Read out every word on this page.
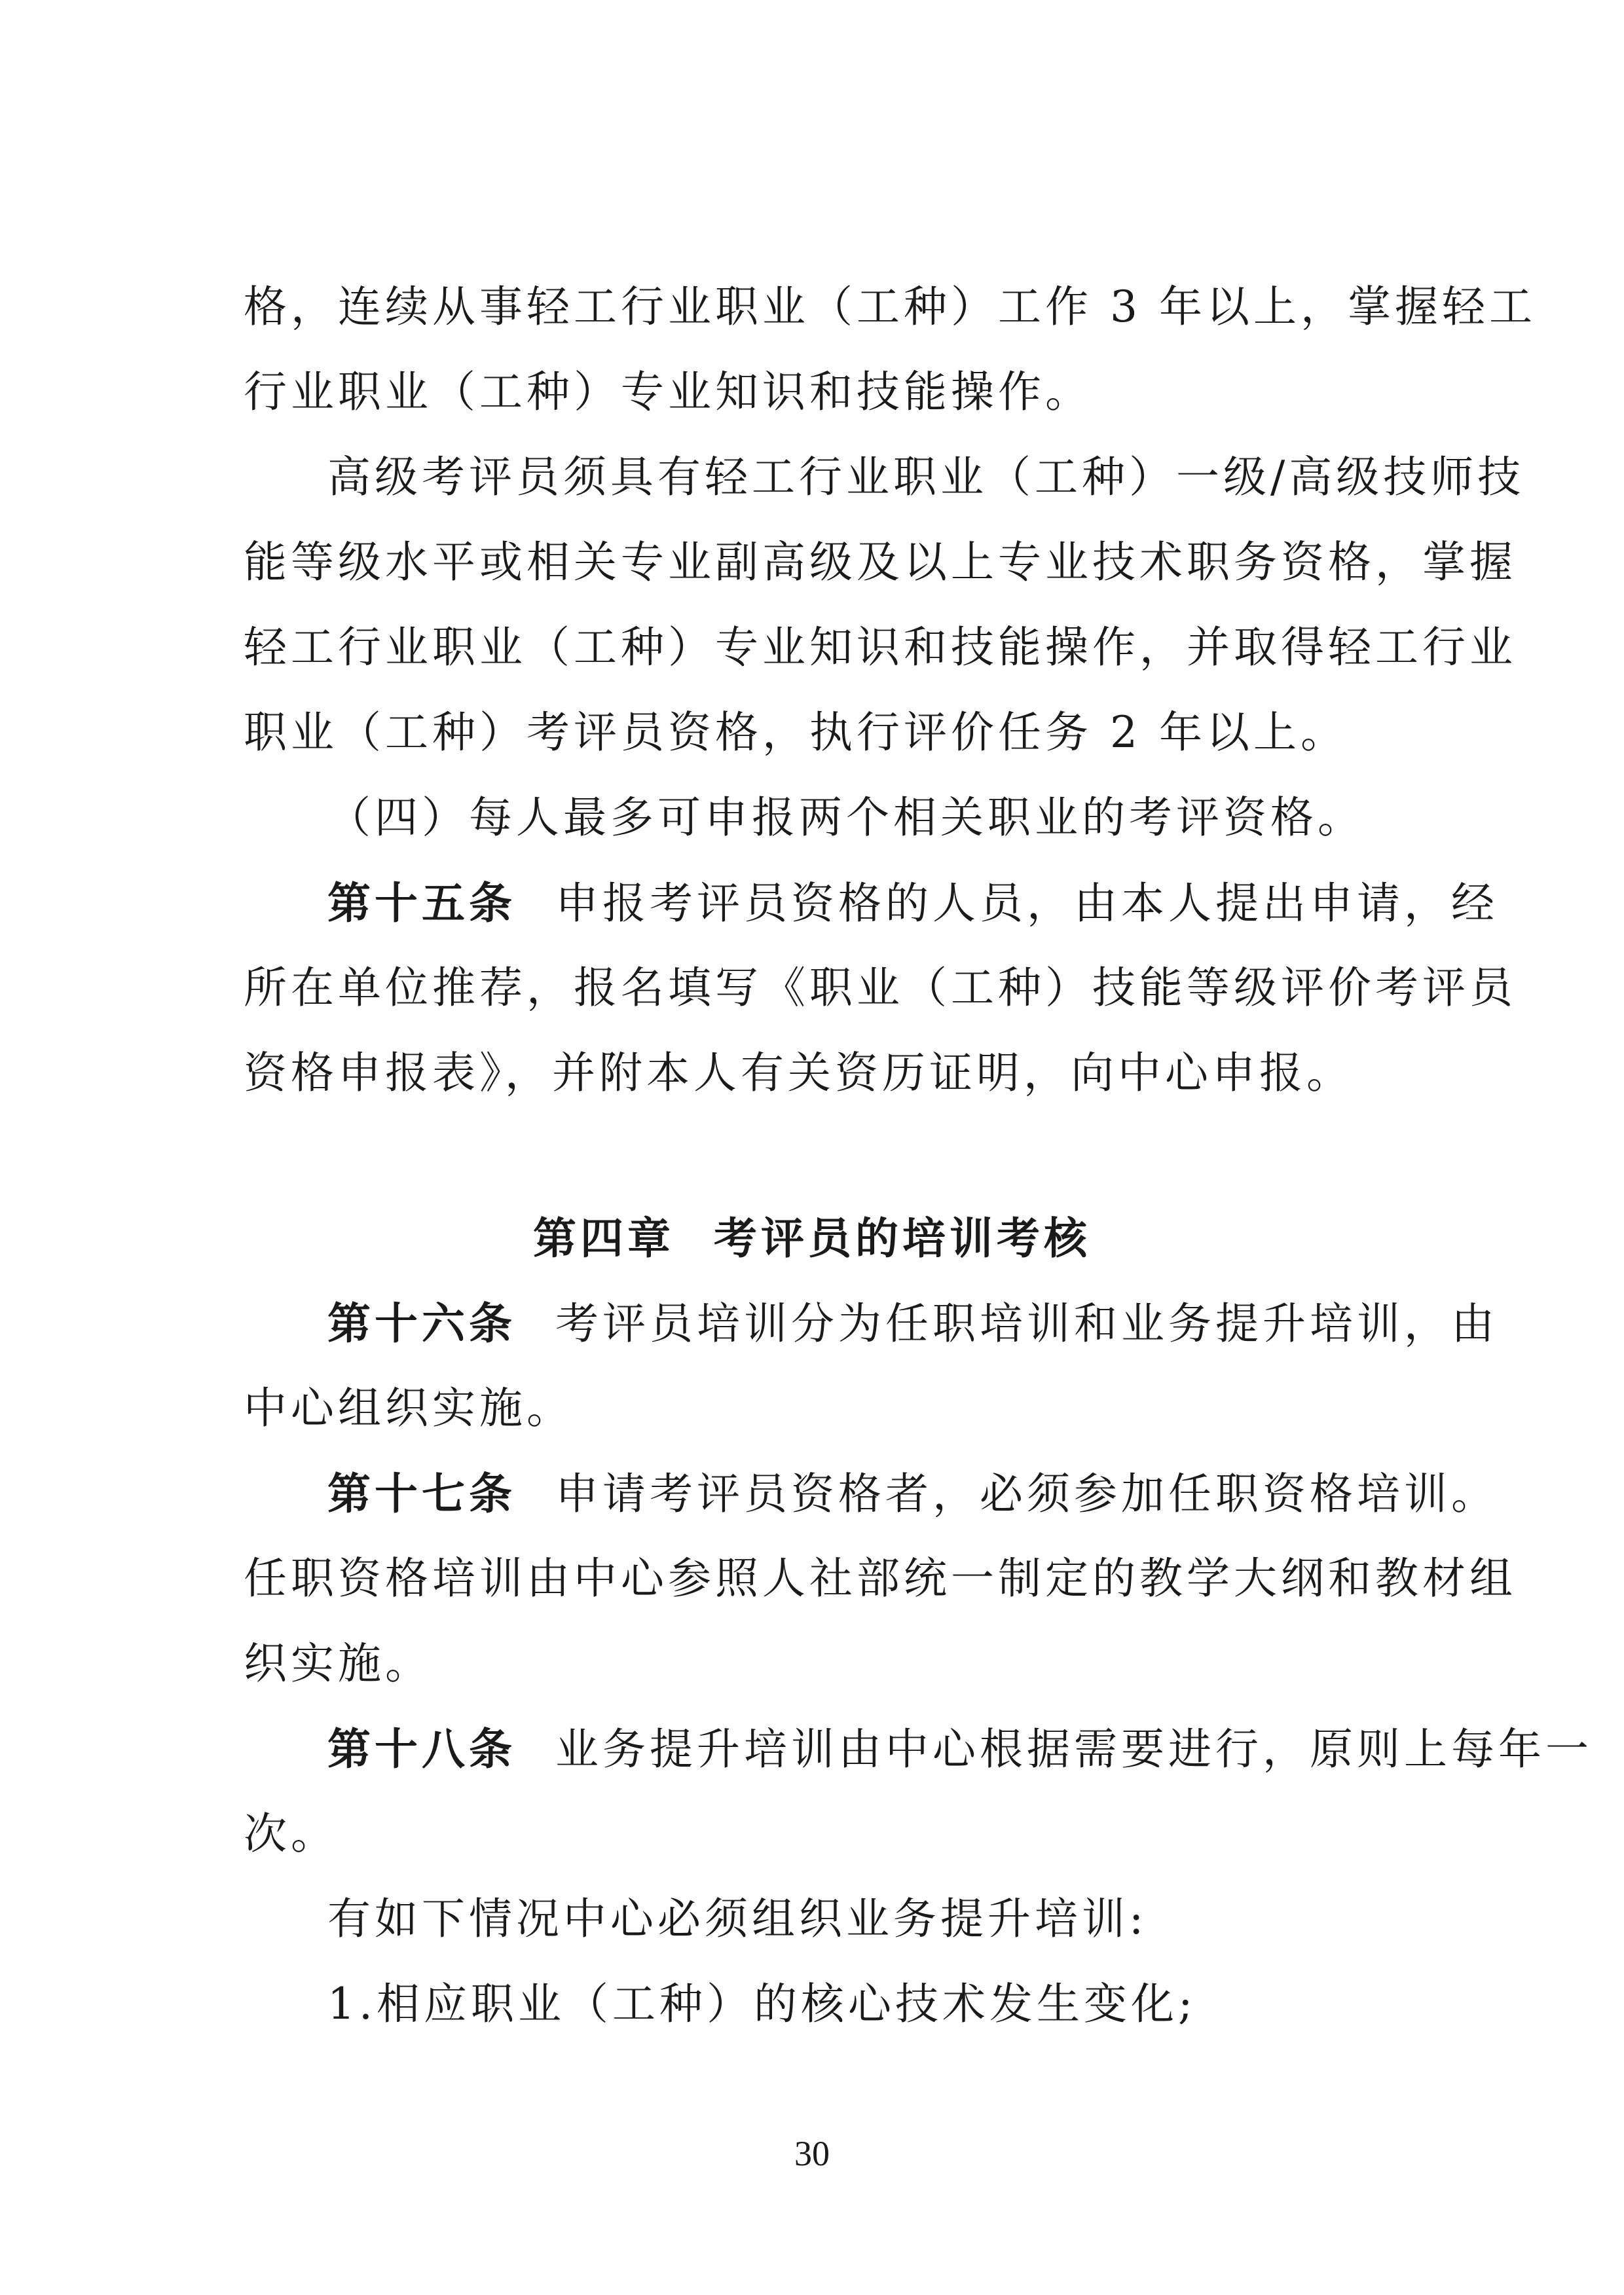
格，连续从事轻工行业职业（工种）工作 3 年以上，掌握轻工
行业职业（工种）专业知识和技能操作。
高级考评员须具有轻工行业职业（工种）一级/高级技师技
能等级水平或相关专业副高级及以上专业技术职务资格，掌握
轻工行业职业（工种）专业知识和技能操作，并取得轻工行业
职业（工种）考评员资格，执行评价任务 2 年以上。
（四）每人最多可申报两个相关职业的考评资格。
第十五条 申报考评员资格的人员，由本人提出申请，经
所在单位推荐，报名填写《职业（工种）技能等级评价考评员
资格申报表》，并附本人有关资历证明，向中心申报。
第四章 考评员的培训考核
第十六条 考评员培训分为任职培训和业务提升培训，由
中心组织实施。
第十七条 申请考评员资格者，必须参加任职资格培训。
任职资格培训由中心参照人社部统一制定的教学大纲和教材组
织实施。
第十八条 业务提升培训由中心根据需要进行，原则上每年一
次。
有如下情况中心必须组织业务提升培训:
1.相应职业（工种）的核心技术发生变化;
30
